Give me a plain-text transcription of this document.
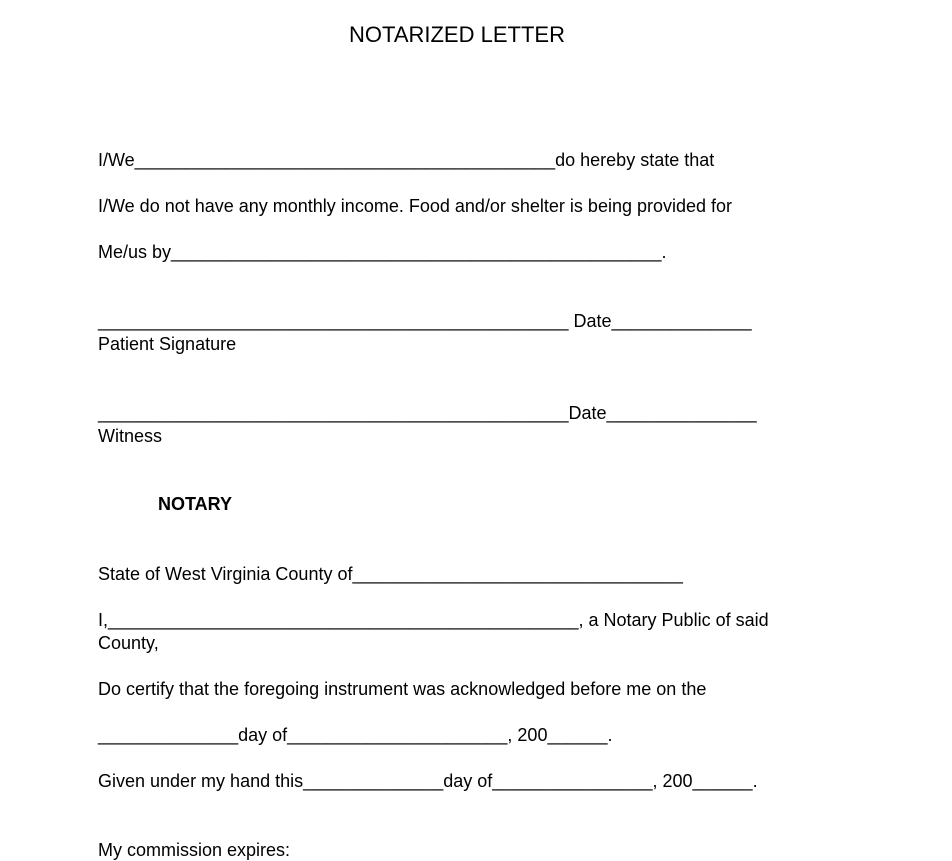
NOTARIZED LETTER

I/We__________________________________________do hereby state that

I/We do not have any monthly income. Food and/or shelter is being provided for

Me/us by_________________________________________________.

_______________________________________________ Date______________

Patient Signature

_______________________________________________Date_______________

Witness

NOTARY

State of West Virginia County of_________________________________

I,_______________________________________________, a Notary Public of said

County,

Do certify that the foregoing instrument was acknowledged before me on the

______________day of______________________, 200______.

Given under my hand this______________day of________________, 200______.

My commission expires:
